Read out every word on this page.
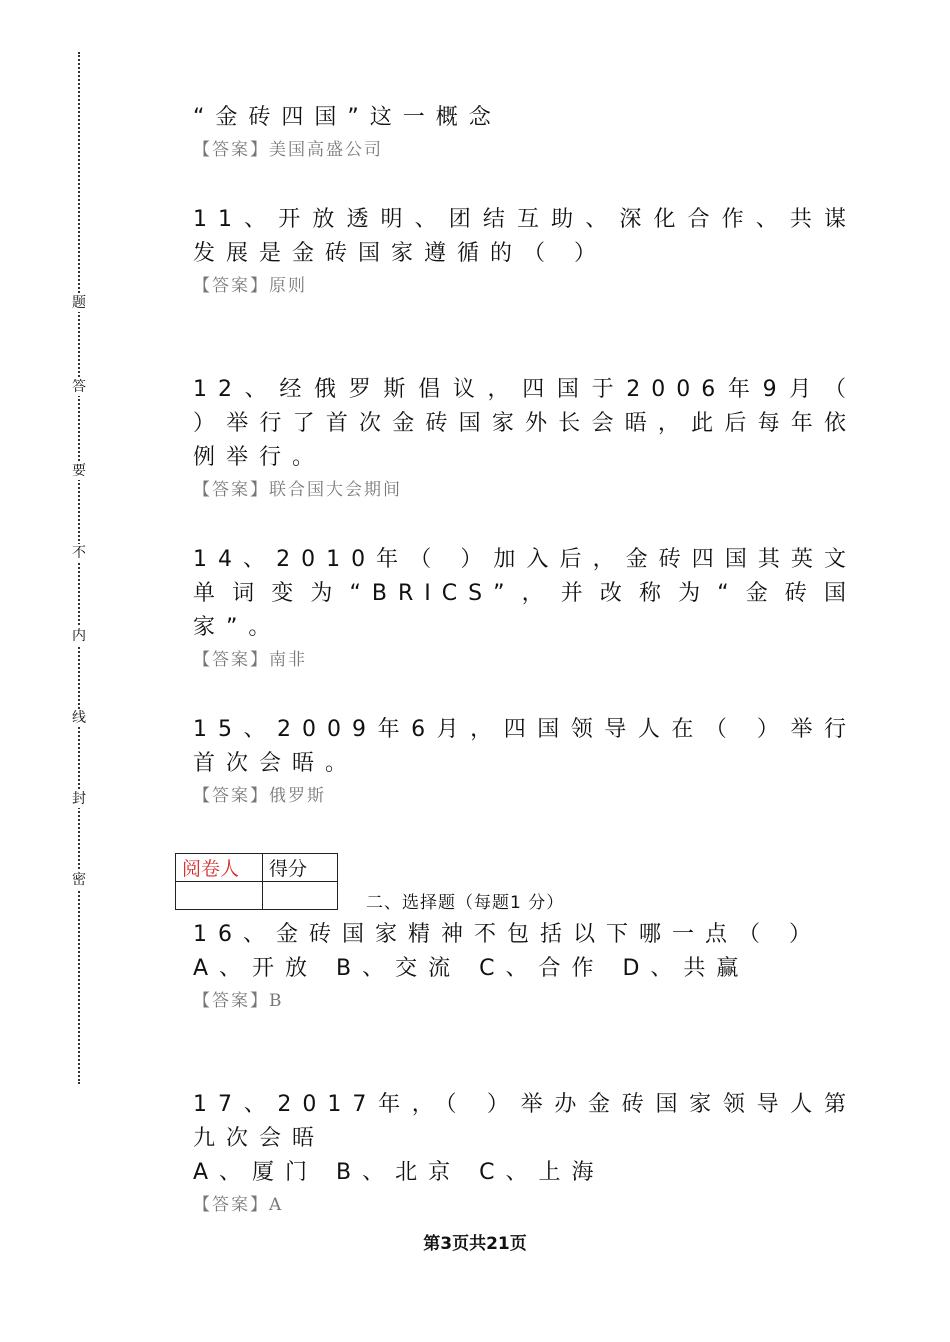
题
答
要
不
内
线
封
密

“金砖四国”这一概念

【答案】美国高盛公司

11、开放透明、团结互助、深化合作、共谋发展是金砖国家遵循的（ ）

【答案】原则

12、经俄罗斯倡议，四国于2006年9月（ ）举行了首次金砖国家外长会晤，此后每年依例举行。

【答案】联合国大会期间

14、2010年（ ）加入后，金砖四国其英文单词变为“BRICS”，并改称为“金砖国家”。

【答案】南非

15、2009年6月，四国领导人在（ ）举行首次会晤。

【答案】俄罗斯

16、金砖国家精神不包括以下哪一点（ ）

A、开放 B、交流 C、合作 D、共赢

【答案】B

17、2017年，（ ）举办金砖国家领导人第九次会晤

A、厦门 B、北京 C、上海

【答案】A

阅卷人	得分

二、选择题（每题1 分）
第3页共21页
